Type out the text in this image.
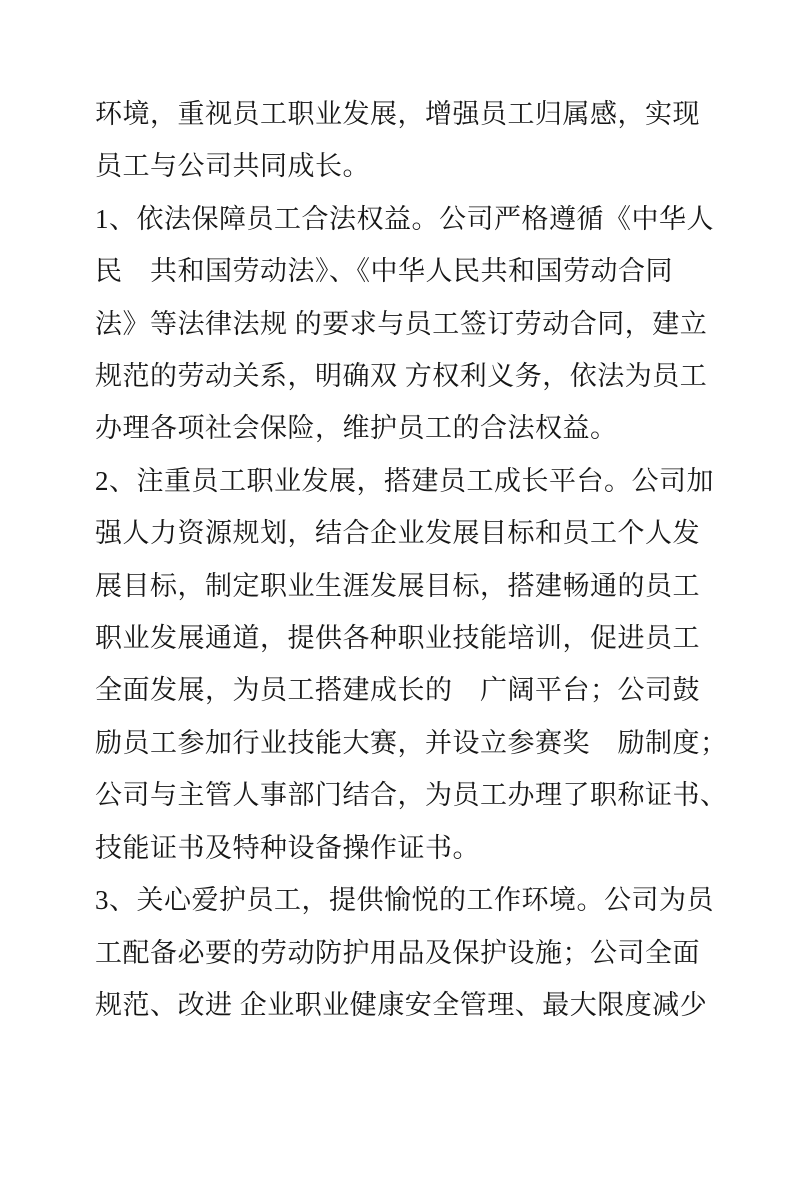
环境，重视员工职业发展，增强员工归属感，实现
员工与公司共同成长。
1、依法保障员工合法权益。公司严格遵循《中华人
民　共和国劳动法》、《中华人民共和国劳动合同
法》等法律法规 的要求与员工签订劳动合同，建立
规范的劳动关系，明确双 方权利义务，依法为员工
办理各项社会保险，维护员工的合法权益。
2、注重员工职业发展，搭建员工成长平台。公司加
强人力资源规划，结合企业发展目标和员工个人发
展目标，制定职业生涯发展目标，搭建畅通的员工
职业发展通道，提供各种职业技能培训，促进员工
全面发展，为员工搭建成长的　广阔平台；公司鼓
励员工参加行业技能大赛，并设立参赛奖　励制度；
公司与主管人事部门结合，为员工办理了职称证书、
技能证书及特种设备操作证书。
3、关心爱护员工，提供愉悦的工作环境。公司为员
工配备必要的劳动防护用品及保护设施；公司全面
规范、改进 企业职业健康安全管理、最大限度减少
